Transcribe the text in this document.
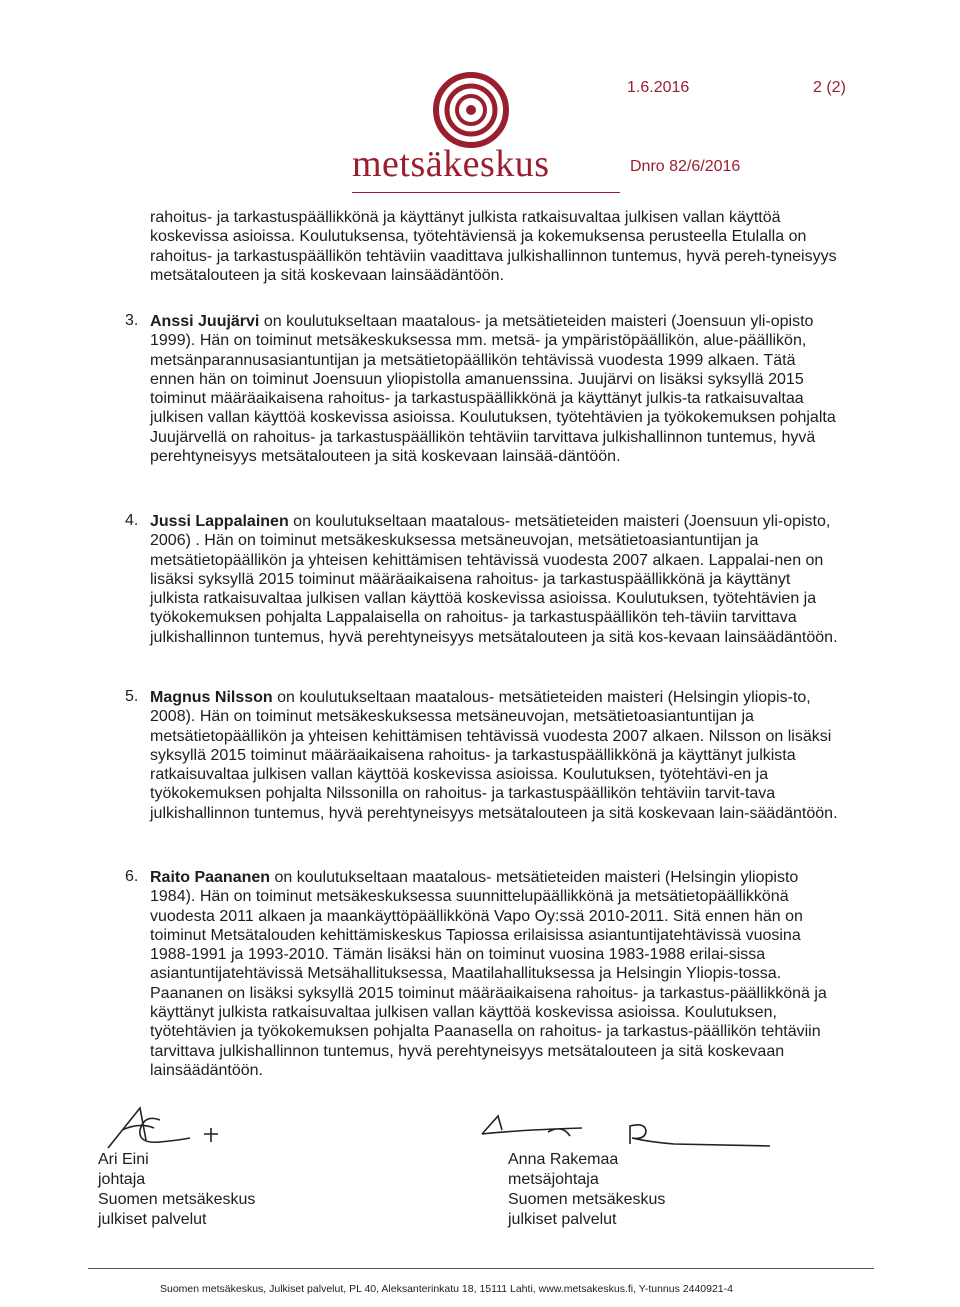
metsäkeskus
1.6.2016	2 (2)
Dnro 82/6/2016
rahoitus- ja tarkastuspäällikkönä ja käyttänyt julkista ratkaisuvaltaa julkisen vallan käyttöä koskevissa asioissa. Koulutuksensa, työtehtäviensä ja kokemuksensa perusteella Etulalla on rahoitus- ja tarkastuspäällikön tehtäviin vaadittava julkishallinnon tuntemus, hyvä pereh-tyneisyys metsätalouteen ja sitä koskevaan lainsäädäntöön.
3. Anssi Juujärvi on koulutukseltaan maatalous- ja metsätieteiden maisteri (Joensuun yli-opisto 1999). Hän on toiminut metsäkeskuksessa mm. metsä- ja ympäristöpäällikön, alue-päällikön, metsänparannusasiantuntijan ja metsätietopäällikön tehtävissä vuodesta 1999 alkaen. Tätä ennen hän on toiminut Joensuun yliopistolla amanuenssina. Juujärvi on lisäksi syksyllä 2015 toiminut määräaikaisena rahoitus- ja tarkastuspäällikkönä ja käyttänyt julkis-ta ratkaisuvaltaa julkisen vallan käyttöä koskevissa asioissa. Koulutuksen, työtehtävien ja työkokemuksen pohjalta Juujärvellä on rahoitus- ja tarkastuspäällikön tehtäviin tarvittava julkishallinnon tuntemus, hyvä perehtyneisyys metsätalouteen ja sitä koskevaan lainsää-däntöön.
4. Jussi Lappalainen on koulutukseltaan maatalous- metsätieteiden maisteri (Joensuun yli-opisto, 2006) . Hän on toiminut metsäkeskuksessa metsäneuvojan, metsätietoasiantuntijan ja metsätietopäällikön ja yhteisen kehittämisen tehtävissä vuodesta 2007 alkaen. Lappalai-nen on lisäksi syksyllä 2015 toiminut määräaikaisena rahoitus- ja tarkastuspäällikkönä ja käyttänyt julkista ratkaisuvaltaa julkisen vallan käyttöä koskevissa asioissa. Koulutuksen, työtehtävien ja työkokemuksen pohjalta Lappalaisella on rahoitus- ja tarkastuspäällikön teh-täviin tarvittava julkishallinnon tuntemus, hyvä perehtyneisyys metsätalouteen ja sitä kos-kevaan lainsäädäntöön.
5. Magnus Nilsson on koulutukseltaan maatalous- metsätieteiden maisteri (Helsingin yliopis-to, 2008). Hän on toiminut metsäkeskuksessa metsäneuvojan, metsätietoasiantuntijan ja metsätietopäällikön ja yhteisen kehittämisen tehtävissä vuodesta 2007 alkaen. Nilsson on lisäksi syksyllä 2015 toiminut määräaikaisena rahoitus- ja tarkastuspäällikkönä ja käyttänyt julkista ratkaisuvaltaa julkisen vallan käyttöä koskevissa asioissa. Koulutuksen, työtehtävi-en ja työkokemuksen pohjalta Nilssonilla on rahoitus- ja tarkastuspäällikön tehtäviin tarvit-tava julkishallinnon tuntemus, hyvä perehtyneisyys metsätalouteen ja sitä koskevaan lain-säädäntöön.
6. Raito Paananen on koulutukseltaan maatalous- metsätieteiden maisteri (Helsingin yliopisto 1984). Hän on toiminut metsäkeskuksessa suunnittelupäällikkönä ja metsätietopäällikkönä vuodesta 2011 alkaen ja maankäyttöpäällikkönä Vapo Oy:ssä 2010-2011. Sitä ennen hän on toiminut Metsätalouden kehittämiskeskus Tapiossa erilaisissa asiantuntijatehtävissä vuosina 1988-1991 ja 1993-2010. Tämän lisäksi hän on toiminut vuosina 1983-1988 erilai-sissa asiantuntijatehtävissä Metsähallituksessa, Maatilahallituksessa ja Helsingin Yliopis-tossa. Paananen on lisäksi syksyllä 2015 toiminut määräaikaisena rahoitus- ja tarkastus-päällikkönä ja käyttänyt julkista ratkaisuvaltaa julkisen vallan käyttöä koskevissa asioissa. Koulutuksen, työtehtävien ja työkokemuksen pohjalta Paanasella on rahoitus- ja tarkastus-päällikön tehtäviin tarvittava julkishallinnon tuntemus, hyvä perehtyneisyys metsätalouteen ja sitä koskevaan lainsäädäntöön.
Ari Eini
johtaja
Suomen metsäkeskus
julkiset palvelut
Anna Rakemaa
metsäjohtaja
Suomen metsäkeskus
julkiset palvelut
Suomen metsäkeskus, Julkiset palvelut, PL 40, Aleksanterinkatu 18, 15111 Lahti, www.metsakeskus.fi, Y-tunnus 2440921-4
